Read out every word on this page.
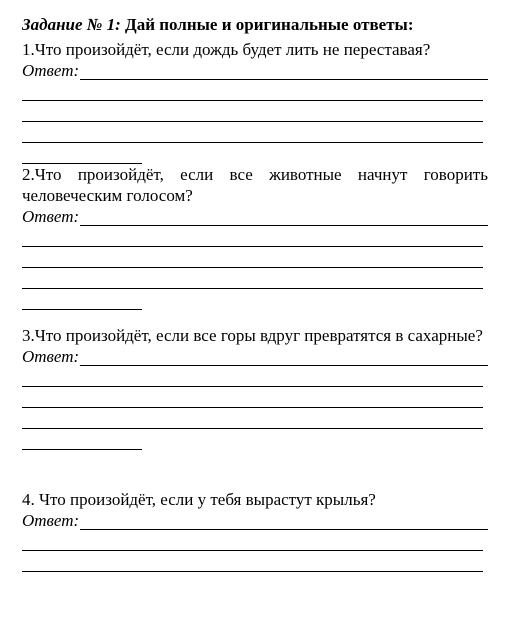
Задание № 1: Дай полные и оригинальные ответы:

1.Что произойдёт, если дождь будет лить не переставая?

Ответ:

2.Что произойдёт, если все животные начнут говорить человеческим голосом?

Ответ:

3.Что произойдёт, если все горы вдруг превратятся в сахарные?

Ответ:

4. Что произойдёт, если у тебя вырастут крылья?

Ответ:
